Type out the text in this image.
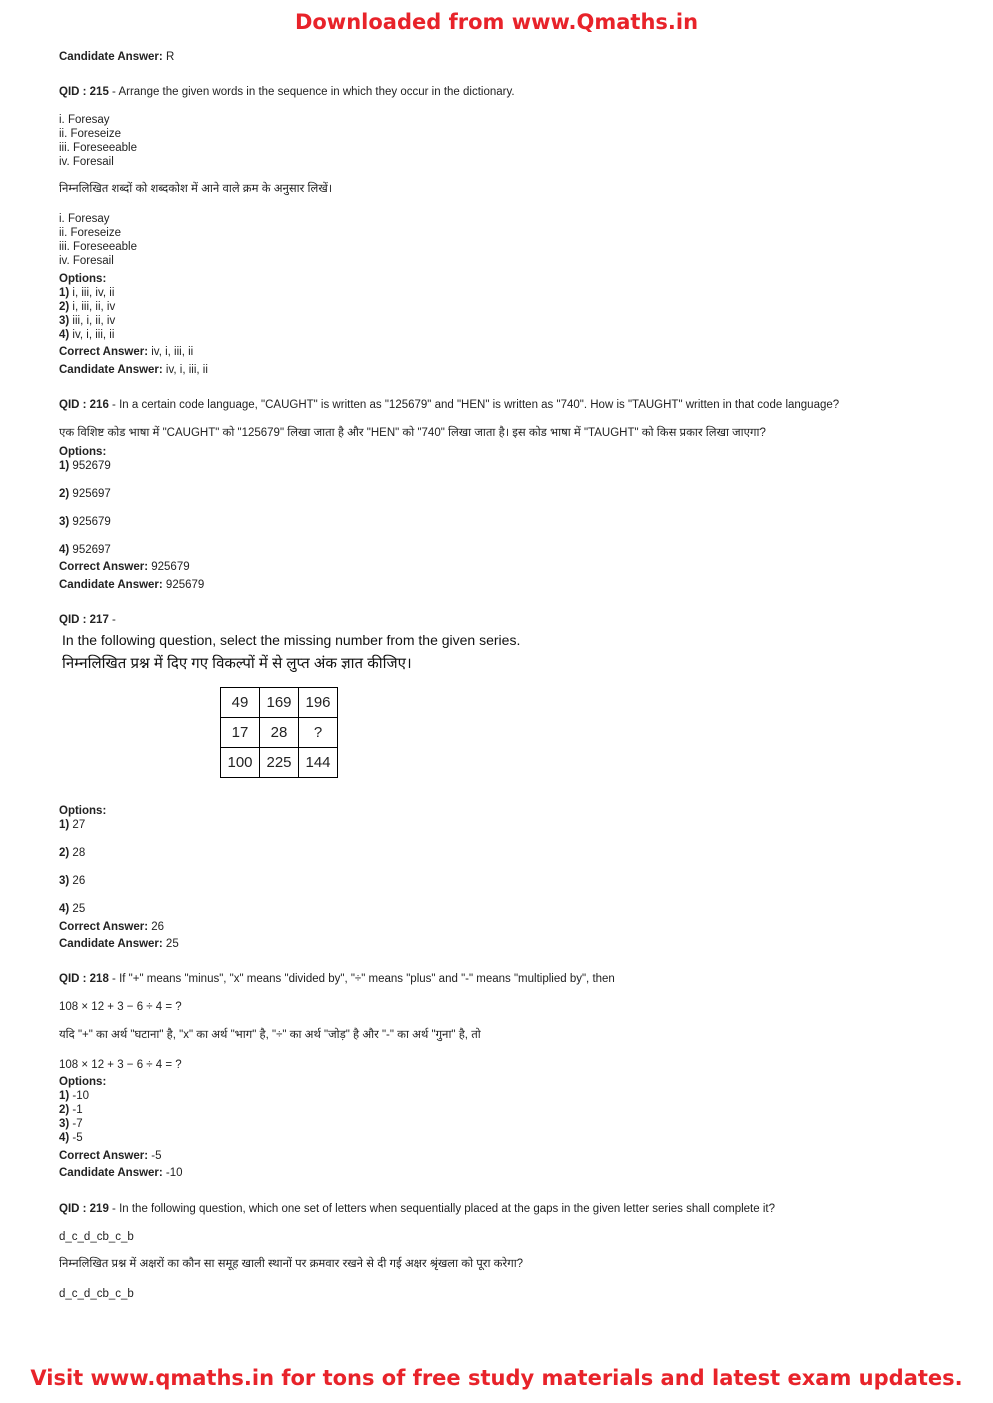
Downloaded from www.Qmaths.in
Candidate Answer: R
QID : 215 - Arrange the given words in the sequence in which they occur in the dictionary.
i. Foresay
ii. Foreseize
iii. Foreseeable
iv. Foresail
निम्नलिखित शब्दों को शब्दकोश में आने वाले क्रम के अनुसार लिखें।
i. Foresay
ii. Foreseize
iii. Foreseeable
iv. Foresail
Options:
1) i, iii, iv, ii
2) i, iii, ii, iv
3) iii, i, ii, iv
4) iv, i, iii, ii
Correct Answer: iv, i, iii, ii
Candidate Answer: iv, i, iii, ii
QID : 216 - In a certain code language, "CAUGHT" is written as "125679" and "HEN" is written as "740". How is "TAUGHT" written in that code language?
एक विशिष्ट कोड भाषा में "CAUGHT" को "125679" लिखा जाता है और "HEN" को "740" लिखा जाता है। इस कोड भाषा में "TAUGHT" को किस प्रकार लिखा जाएगा?
Options:
1) 952679
2) 925697
3) 925679
4) 952697
Correct Answer: 925679
Candidate Answer: 925679
QID : 217 -
In the following question, select the missing number from the given series.
निम्नलिखित प्रश्न में दिए गए विकल्पों में से लुप्त अंक ज्ञात कीजिए।
49	169	196
17	28	?
100	225	144
Options:
1) 27
2) 28
3) 26
4) 25
Correct Answer: 26
Candidate Answer: 25
QID : 218 - If "+" means "minus", "x" means "divided by", "÷" means "plus" and "-" means "multiplied by", then
108 × 12 + 3 − 6 ÷ 4 = ?
यदि "+" का अर्थ "घटाना" है, "x" का अर्थ "भाग" है, "÷" का अर्थ "जोड़" है और "-" का अर्थ "गुना" है, तो
108 × 12 + 3 − 6 ÷ 4 = ?
Options:
1) -10
2) -1
3) -7
4) -5
Correct Answer: -5
Candidate Answer: -10
QID : 219 - In the following question, which one set of letters when sequentially placed at the gaps in the given letter series shall complete it?
d_c_d_cb_c_b
निम्नलिखित प्रश्न में अक्षरों का कौन सा समूह खाली स्थानों पर क्रमवार रखने से दी गई अक्षर श्रृंखला को पूरा करेगा?
d_c_d_cb_c_b
Visit www.qmaths.in for tons of free study materials and latest exam updates.
